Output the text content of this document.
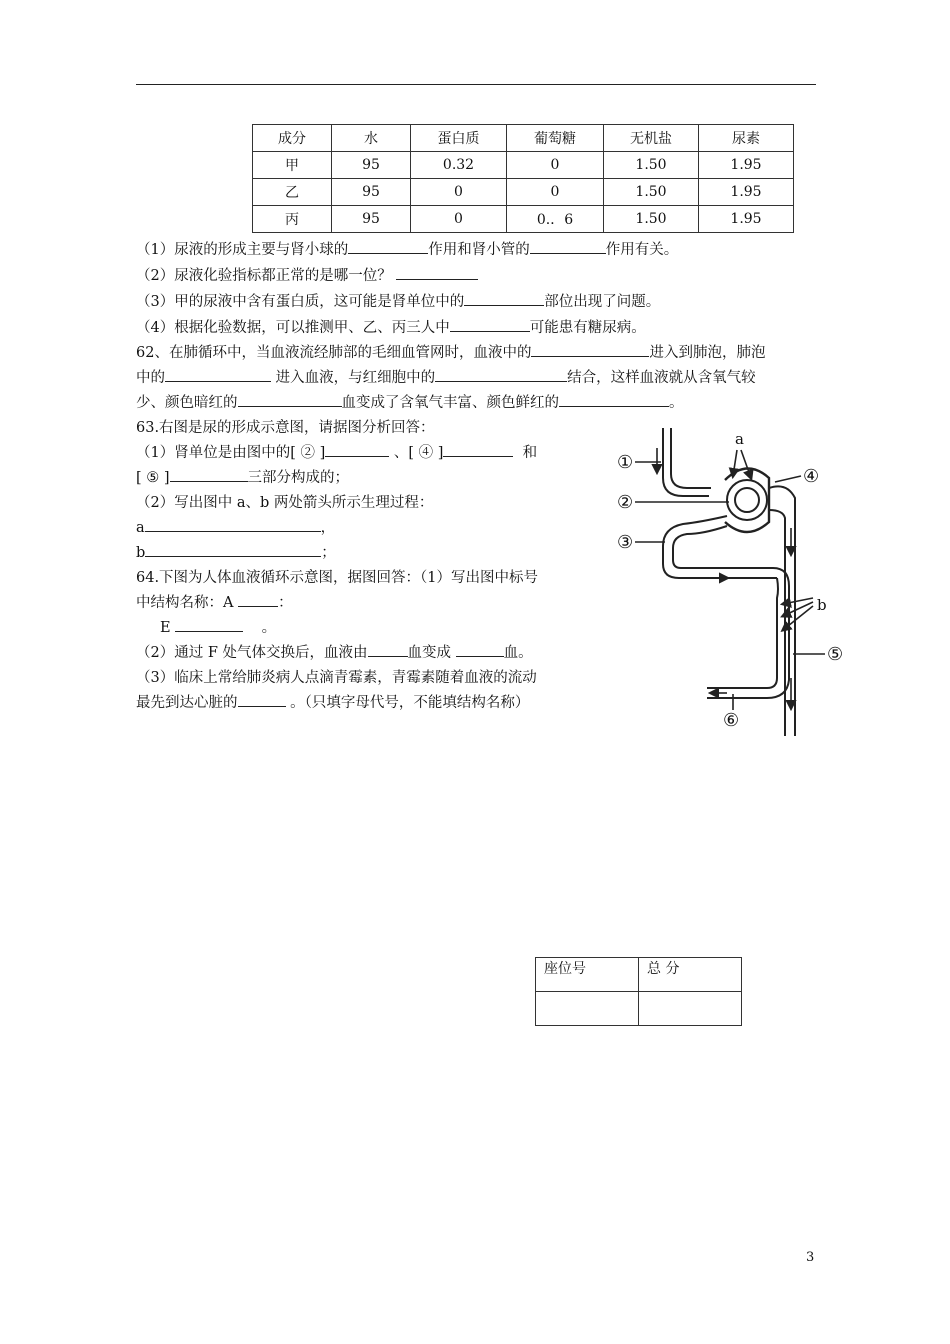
成分	水	蛋白质	葡萄糖	无机盐	尿素
甲	95	0.32	0	1.50	1.95
乙	95	0	0	1.50	1.95
丙	95	0	0.．6	1.50	1.95
（1）尿液的形成主要与肾小球的	作用和肾小管的	作用有关。
（2）尿液化验指标都正常的是哪一位？
（3）甲的尿液中含有蛋白质，这可能是肾单位中的	部位出现了问题。
（4）根据化验数据，可以推测甲、乙、丙三人中	可能患有糖尿病。
62、在肺循环中，当血液流经肺部的毛细血管网时，血液中的	进入到肺泡，肺泡
中的	进入血液，与红细胞中的	结合，这样血液就从含氧气较
少、颜色暗红的	血变成了含氧气丰富、颜色鲜红的	。
63.右图是尿的形成示意图，请据图分析回答：
（1）肾单位是由图中的[ ② ]	、[ ④ ]	和
[ ⑤ ]	三部分构成的；
（2）写出图中 a、b 两处箭头所示生理过程：
a	，
b	；
64.下图为人体血液循环示意图，据图回答：（1）写出图中标号
中结构名称：A	：
E	。
（2）通过 F 处气体交换后，血液由	血变成	血。
（3）临床上常给肺炎病人点滴青霉素，青霉素随着血液的流动
最先到达心脏的	。（只填字母代号，不能填结构名称）
①
②
③
④
⑤
⑥
a
b
座位号	总 分

3
